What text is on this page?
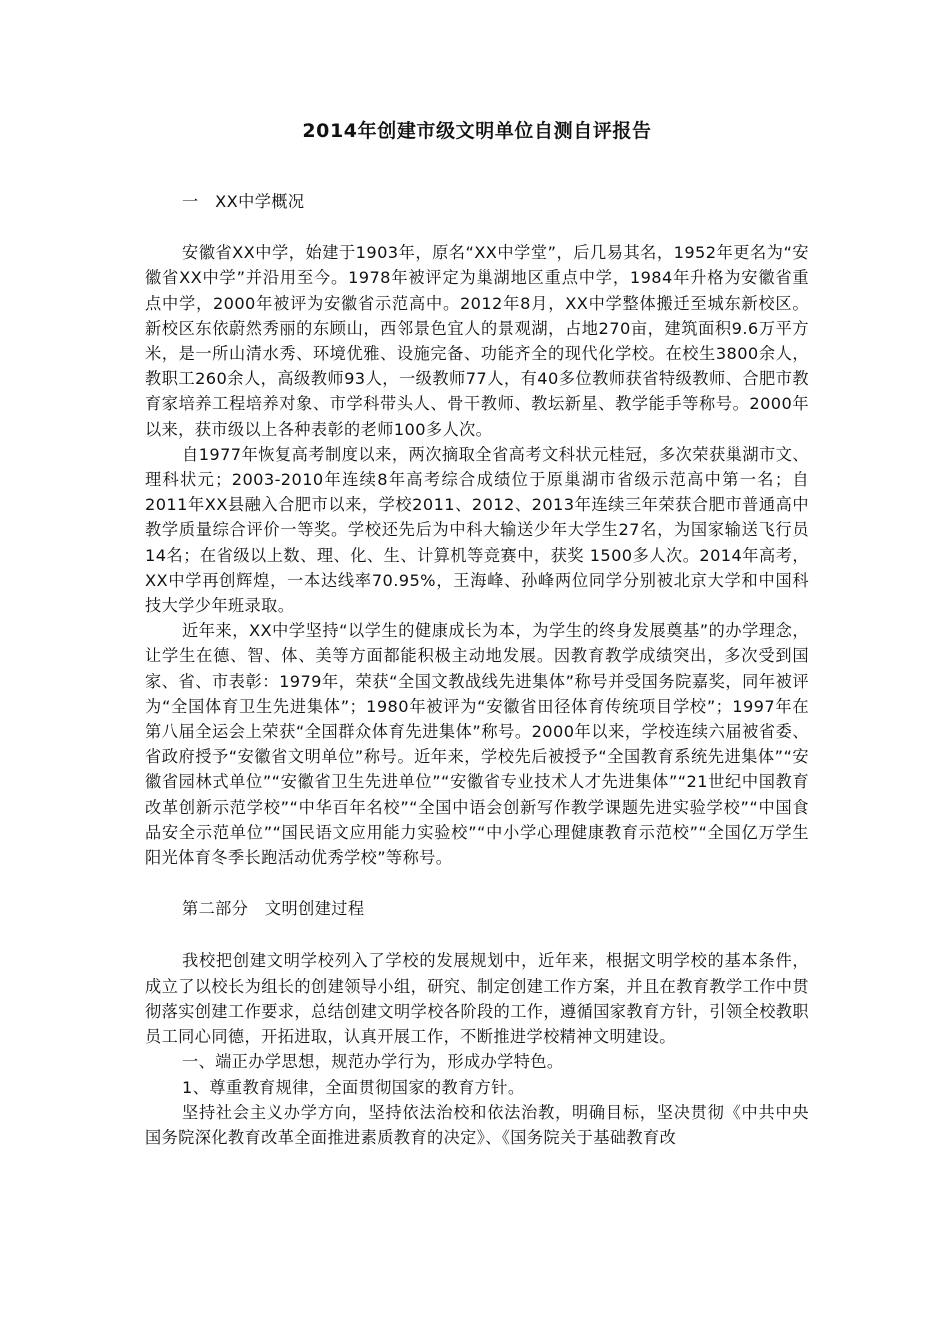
2014年创建市级文明单位自测自评报告

一　XX中学概况

安徽省XX中学，始建于1903年，原名“XX中学堂”，后几易其名，1952年更名为“安徽省XX中学”并沿用至今。1978年被评定为巢湖地区重点中学，1984年升格为安徽省重点中学，2000年被评为安徽省示范高中。2012年8月，XX中学整体搬迁至城东新校区。新校区东依蔚然秀丽的东顾山，西邻景色宜人的景观湖，占地270亩，建筑面积9.6万平方米，是一所山清水秀、环境优雅、设施完备、功能齐全的现代化学校。在校生3800余人，教职工260余人，高级教师93人，一级教师77人，有40多位教师获省特级教师、合肥市教育家培养工程培养对象、市学科带头人、骨干教师、教坛新星、教学能手等称号。2000年以来，获市级以上各种表彰的老师100多人次。

自1977年恢复高考制度以来，两次摘取全省高考文科状元桂冠，多次荣获巢湖市文、理科状元；2003-2010年连续8年高考综合成绩位于原巢湖市省级示范高中第一名；自2011年XX县融入合肥市以来，学校2011、2012、2013年连续三年荣获合肥市普通高中教学质量综合评价一等奖。学校还先后为中科大输送少年大学生27名，为国家输送飞行员14名；在省级以上数、理、化、生、计算机等竞赛中，获奖 1500多人次。2014年高考，XX中学再创辉煌，一本达线率70.95%，王海峰、孙峰两位同学分别被北京大学和中国科技大学少年班录取。

近年来，XX中学坚持“以学生的健康成长为本，为学生的终身发展奠基”的办学理念，让学生在德、智、体、美等方面都能积极主动地发展。因教育教学成绩突出，多次受到国家、省、市表彰：1979年，荣获“全国文教战线先进集体”称号并受国务院嘉奖，同年被评为“全国体育卫生先进集体”；1980年被评为“安徽省田径体育传统项目学校”；1997年在第八届全运会上荣获“全国群众体育先进集体”称号。2000年以来，学校连续六届被省委、省政府授予“安徽省文明单位”称号。近年来，学校先后被授予“全国教育系统先进集体”“安徽省园林式单位”“安徽省卫生先进单位”“安徽省专业技术人才先进集体”“21世纪中国教育改革创新示范学校”“中华百年名校”“全国中语会创新写作教学课题先进实验学校”“中国食品安全示范单位”“国民语文应用能力实验校”“中小学心理健康教育示范校”“全国亿万学生阳光体育冬季长跑活动优秀学校”等称号。

第二部分　文明创建过程

我校把创建文明学校列入了学校的发展规划中，近年来，根据文明学校的基本条件，成立了以校长为组长的创建领导小组，研究、制定创建工作方案，并且在教育教学工作中贯彻落实创建工作要求，总结创建文明学校各阶段的工作，遵循国家教育方针，引领全校教职员工同心同德，开拓进取，认真开展工作，不断推进学校精神文明建设。

一、端正办学思想，规范办学行为，形成办学特色。

1、尊重教育规律，全面贯彻国家的教育方针。

坚持社会主义办学方向，坚持依法治校和依法治教，明确目标，坚决贯彻《中共中央国务院深化教育改革全面推进素质教育的决定》、《国务院关于基础教育改
